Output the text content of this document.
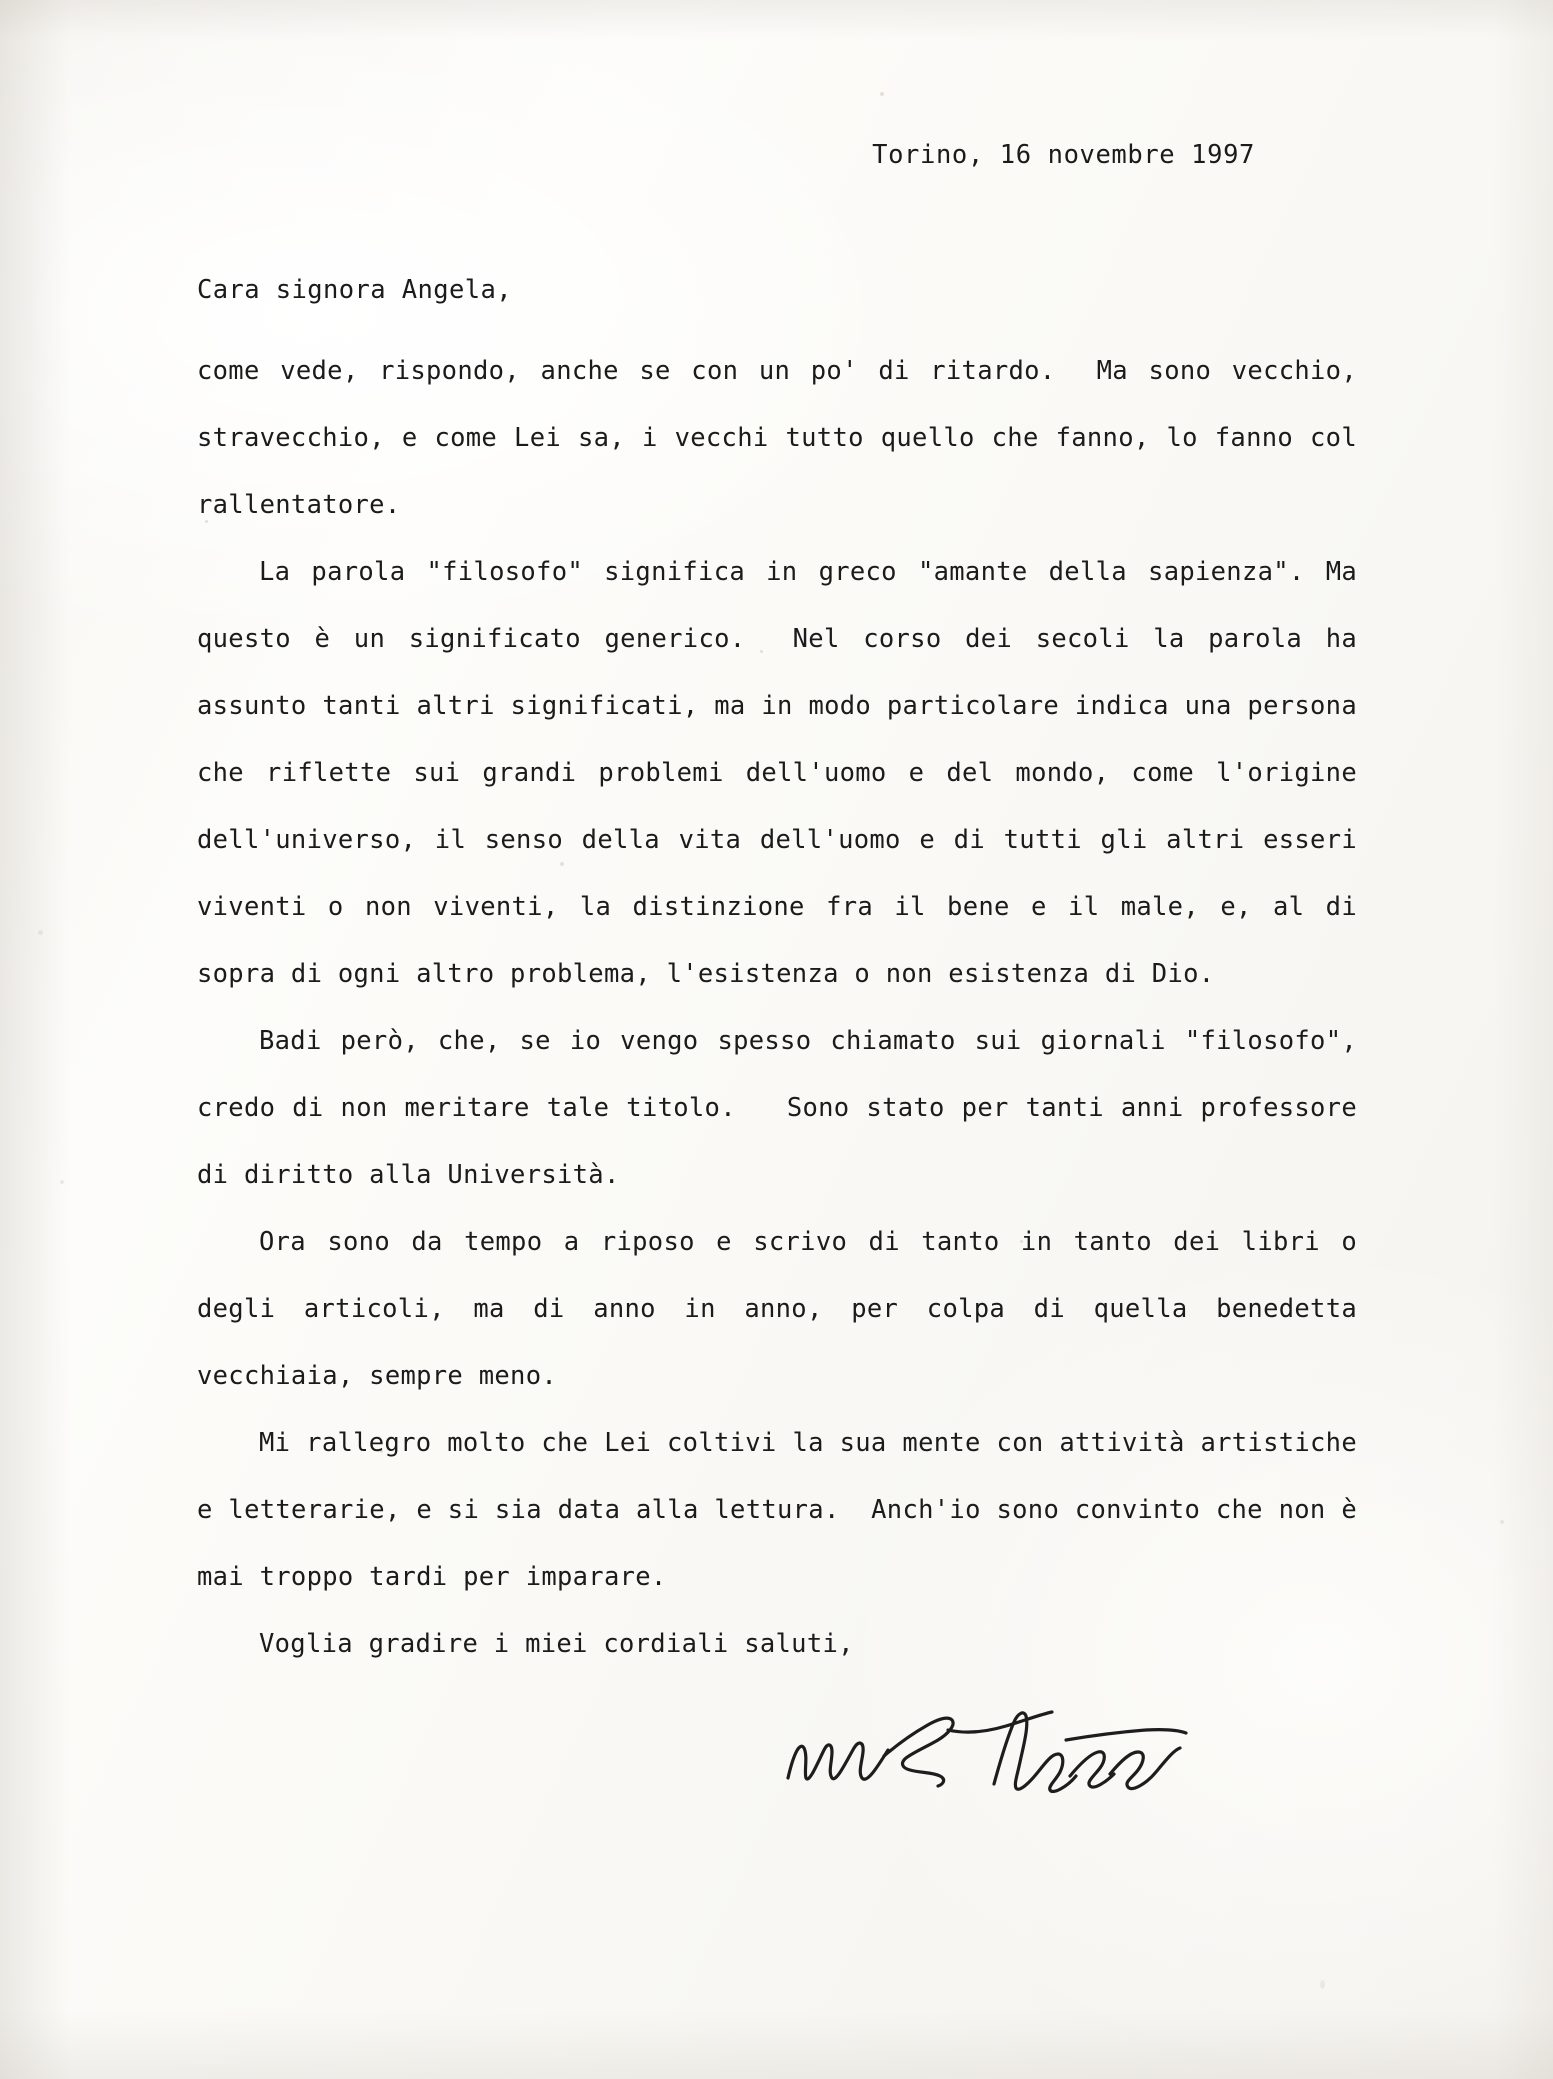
Torino, 16 novembre 1997
Cara signora Angela,

come vede, rispondo, anche se con un po' di ritardo.  Ma sono vecchio, stravecchio, e come Lei sa, i vecchi tutto quello che fanno, lo fanno col rallentatore.

La parola "filosofo" significa in greco "amante della sapienza". Ma questo è un significato generico.  Nel corso dei secoli la parola ha assunto tanti altri significati, ma in modo particolare indica una persona che riflette sui grandi problemi dell'uomo e del mondo, come l'origine dell'universo, il senso della vita dell'uomo e di tutti gli altri esseri viventi o non viventi, la distinzione fra il bene e il male, e, al di sopra di ogni altro problema, l'esistenza o non esistenza di Dio.

Badi però, che, se io vengo spesso chiamato sui giornali "filosofo", credo di non meritare tale titolo.   Sono stato per tanti anni professore di diritto alla Università.

Ora sono da tempo a riposo e scrivo di tanto in tanto dei libri o degli articoli, ma di anno in anno, per colpa di quella benedetta vecchiaia, sempre meno.

Mi rallegro molto che Lei coltivi la sua mente con attività artistiche e letterarie, e si sia data alla lettura.  Anch'io sono convinto che non è mai troppo tardi per imparare.

Voglia gradire i miei cordiali saluti,
